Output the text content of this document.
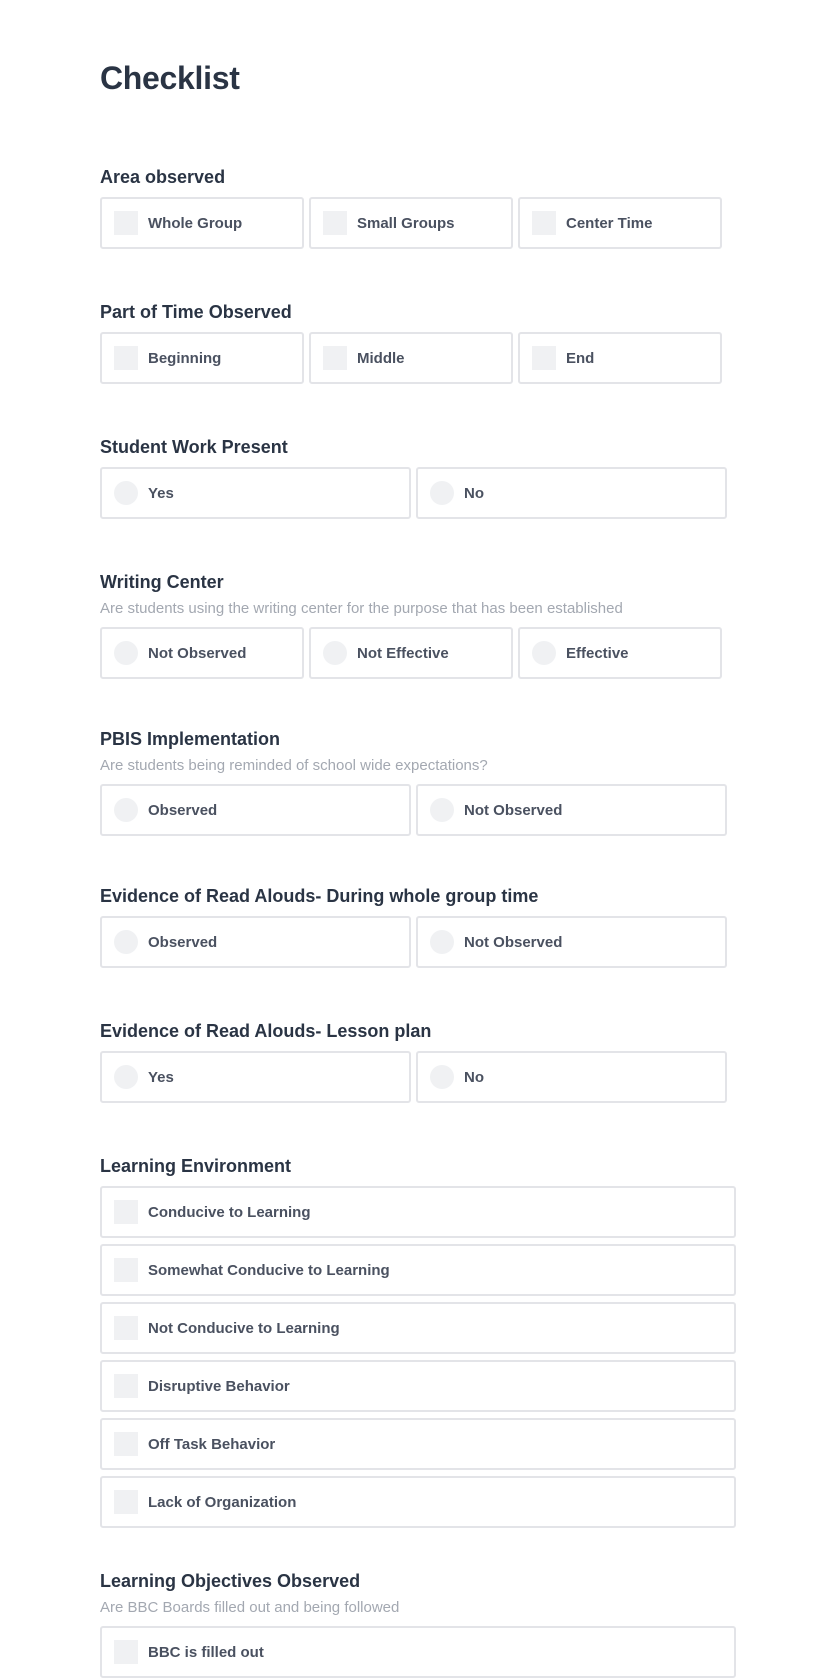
Checklist
Area observed
Whole Group	Small Groups	Center Time
Part of Time Observed
Beginning	Middle	End
Student Work Present
Yes	No
Writing Center

Are students using the writing center for the purpose that has been established

Not Observed	Not Effective	Effective
PBIS Implementation

Are students being reminded of school wide expectations?

Observed	Not Observed
Evidence of Read Alouds- During whole group time
Observed	Not Observed
Evidence of Read Alouds- Lesson plan
Yes	No
Learning Environment
Conducive to Learning
Somewhat Conducive to Learning
Not Conducive to Learning
Disruptive Behavior
Off Task Behavior
Lack of Organization
Learning Objectives Observed

Are BBC Boards filled out and being followed

BBC is filled out
